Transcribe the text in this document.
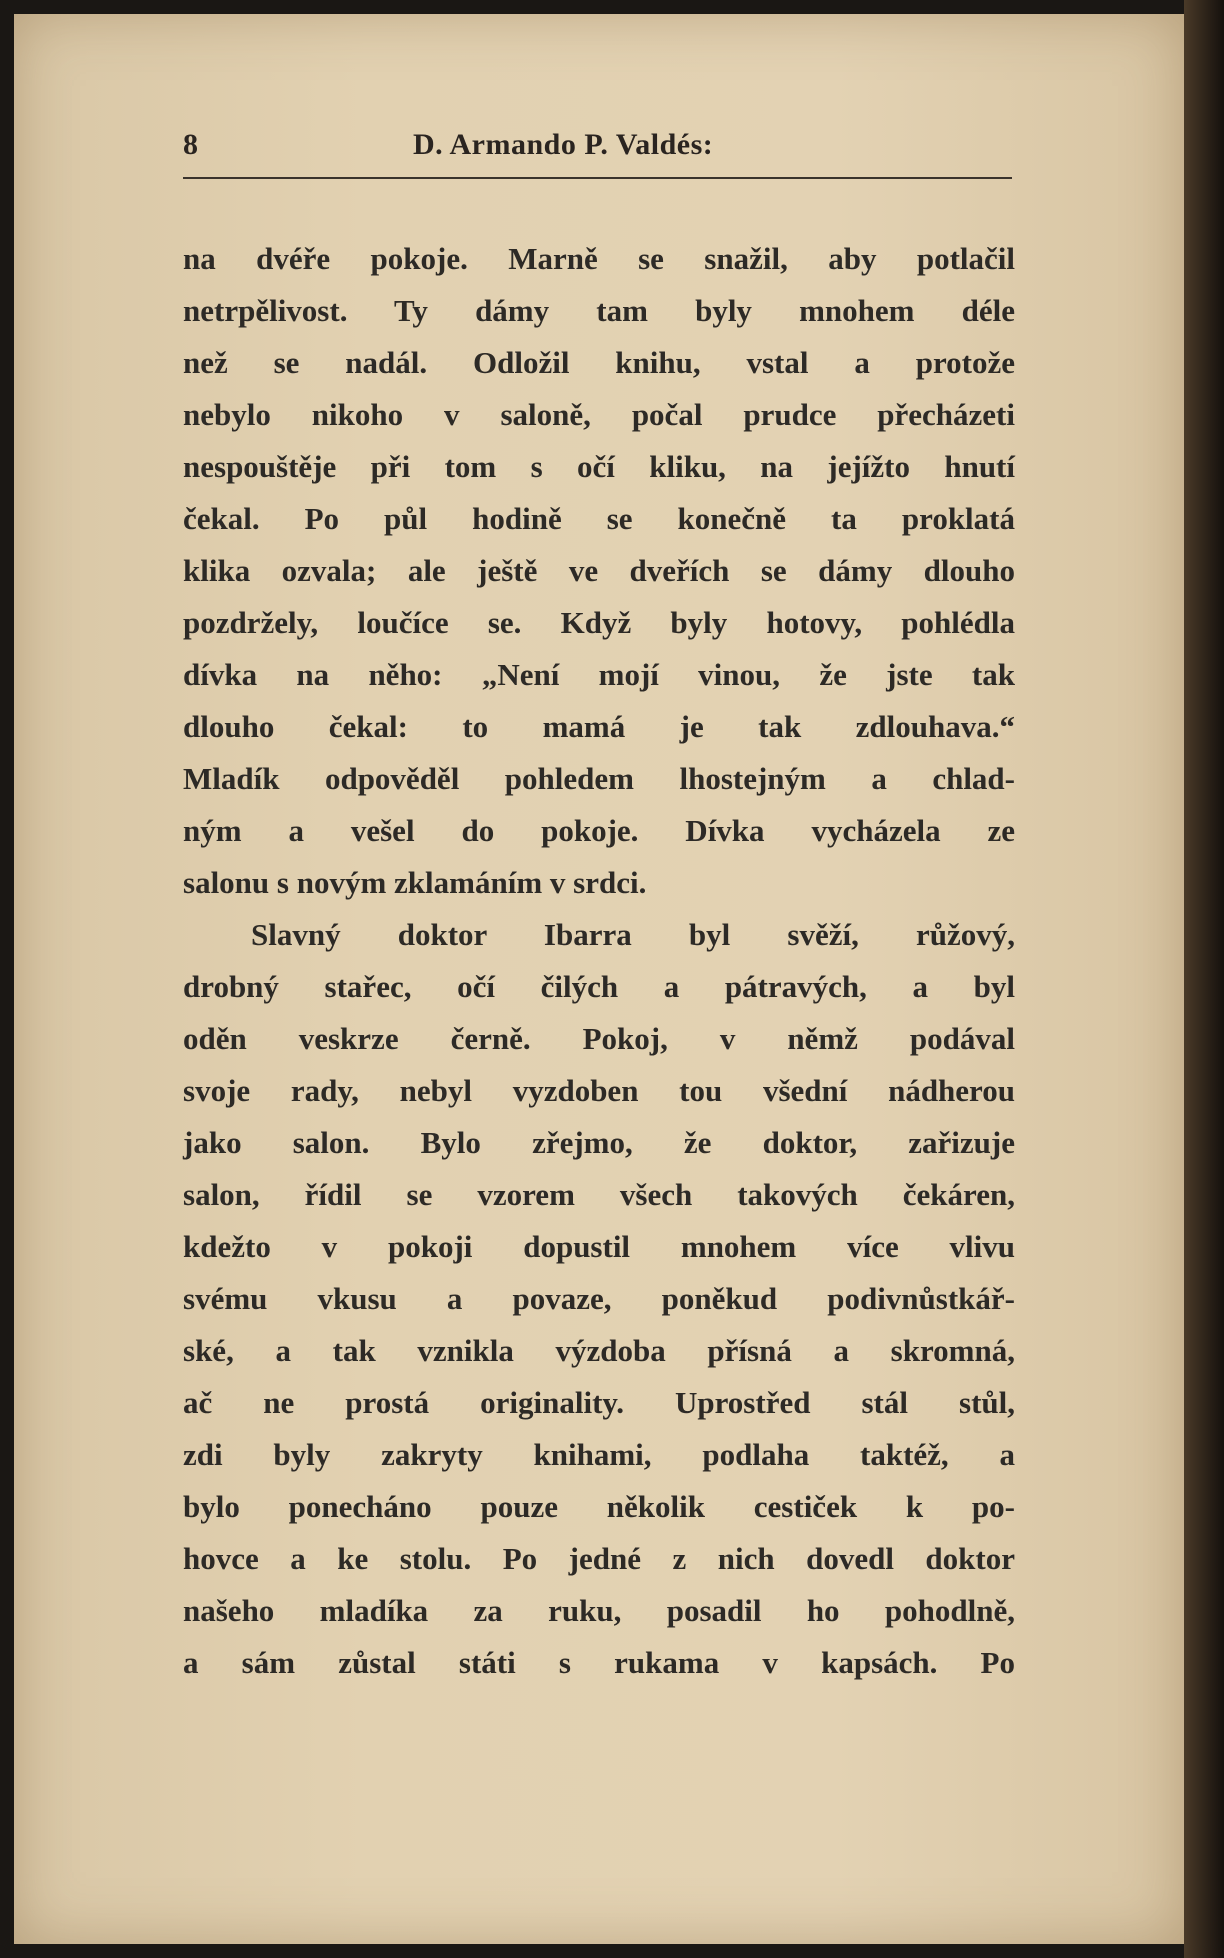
8	D. Armando P. Valdés:
na dvéře pokoje. Marně se snažil, aby potlačil
netrpělivost. Ty dámy tam byly mnohem déle
než se nadál. Odložil knihu, vstal a protože
nebylo nikoho v saloně, počal prudce přecházeti
nespouštěje při tom s očí kliku, na jejížto hnutí
čekal. Po půl hodině se konečně ta proklatá
klika ozvala; ale ještě ve dveřích se dámy dlouho
pozdržely, loučíce se. Když byly hotovy, pohlédla
dívka na něho: „Není mojí vinou, že jste tak
dlouho čekal: to mamá je tak zdlouhava.“
Mladík odpověděl pohledem lhostejným a chlad-
ným a vešel do pokoje. Dívka vycházela ze
salonu s novým zklamáním v srdci.
Slavný doktor Ibarra byl svěží, růžový,
drobný stařec, očí čilých a pátravých, a byl
oděn veskrze černě. Pokoj, v němž podával
svoje rady, nebyl vyzdoben tou všední nádherou
jako salon. Bylo zřejmo, že doktor, zařizuje
salon, řídil se vzorem všech takových čekáren,
kdežto v pokoji dopustil mnohem více vlivu
svému vkusu a povaze, poněkud podivnůstkář-
ské, a tak vznikla výzdoba přísná a skromná,
ač ne prostá originality. Uprostřed stál stůl,
zdi byly zakryty knihami, podlaha taktéž, a
bylo ponecháno pouze několik cestiček k po-
hovce a ke stolu. Po jedné z nich dovedl doktor
našeho mladíka za ruku, posadil ho pohodlně,
a sám zůstal státi s rukama v kapsách. Po
